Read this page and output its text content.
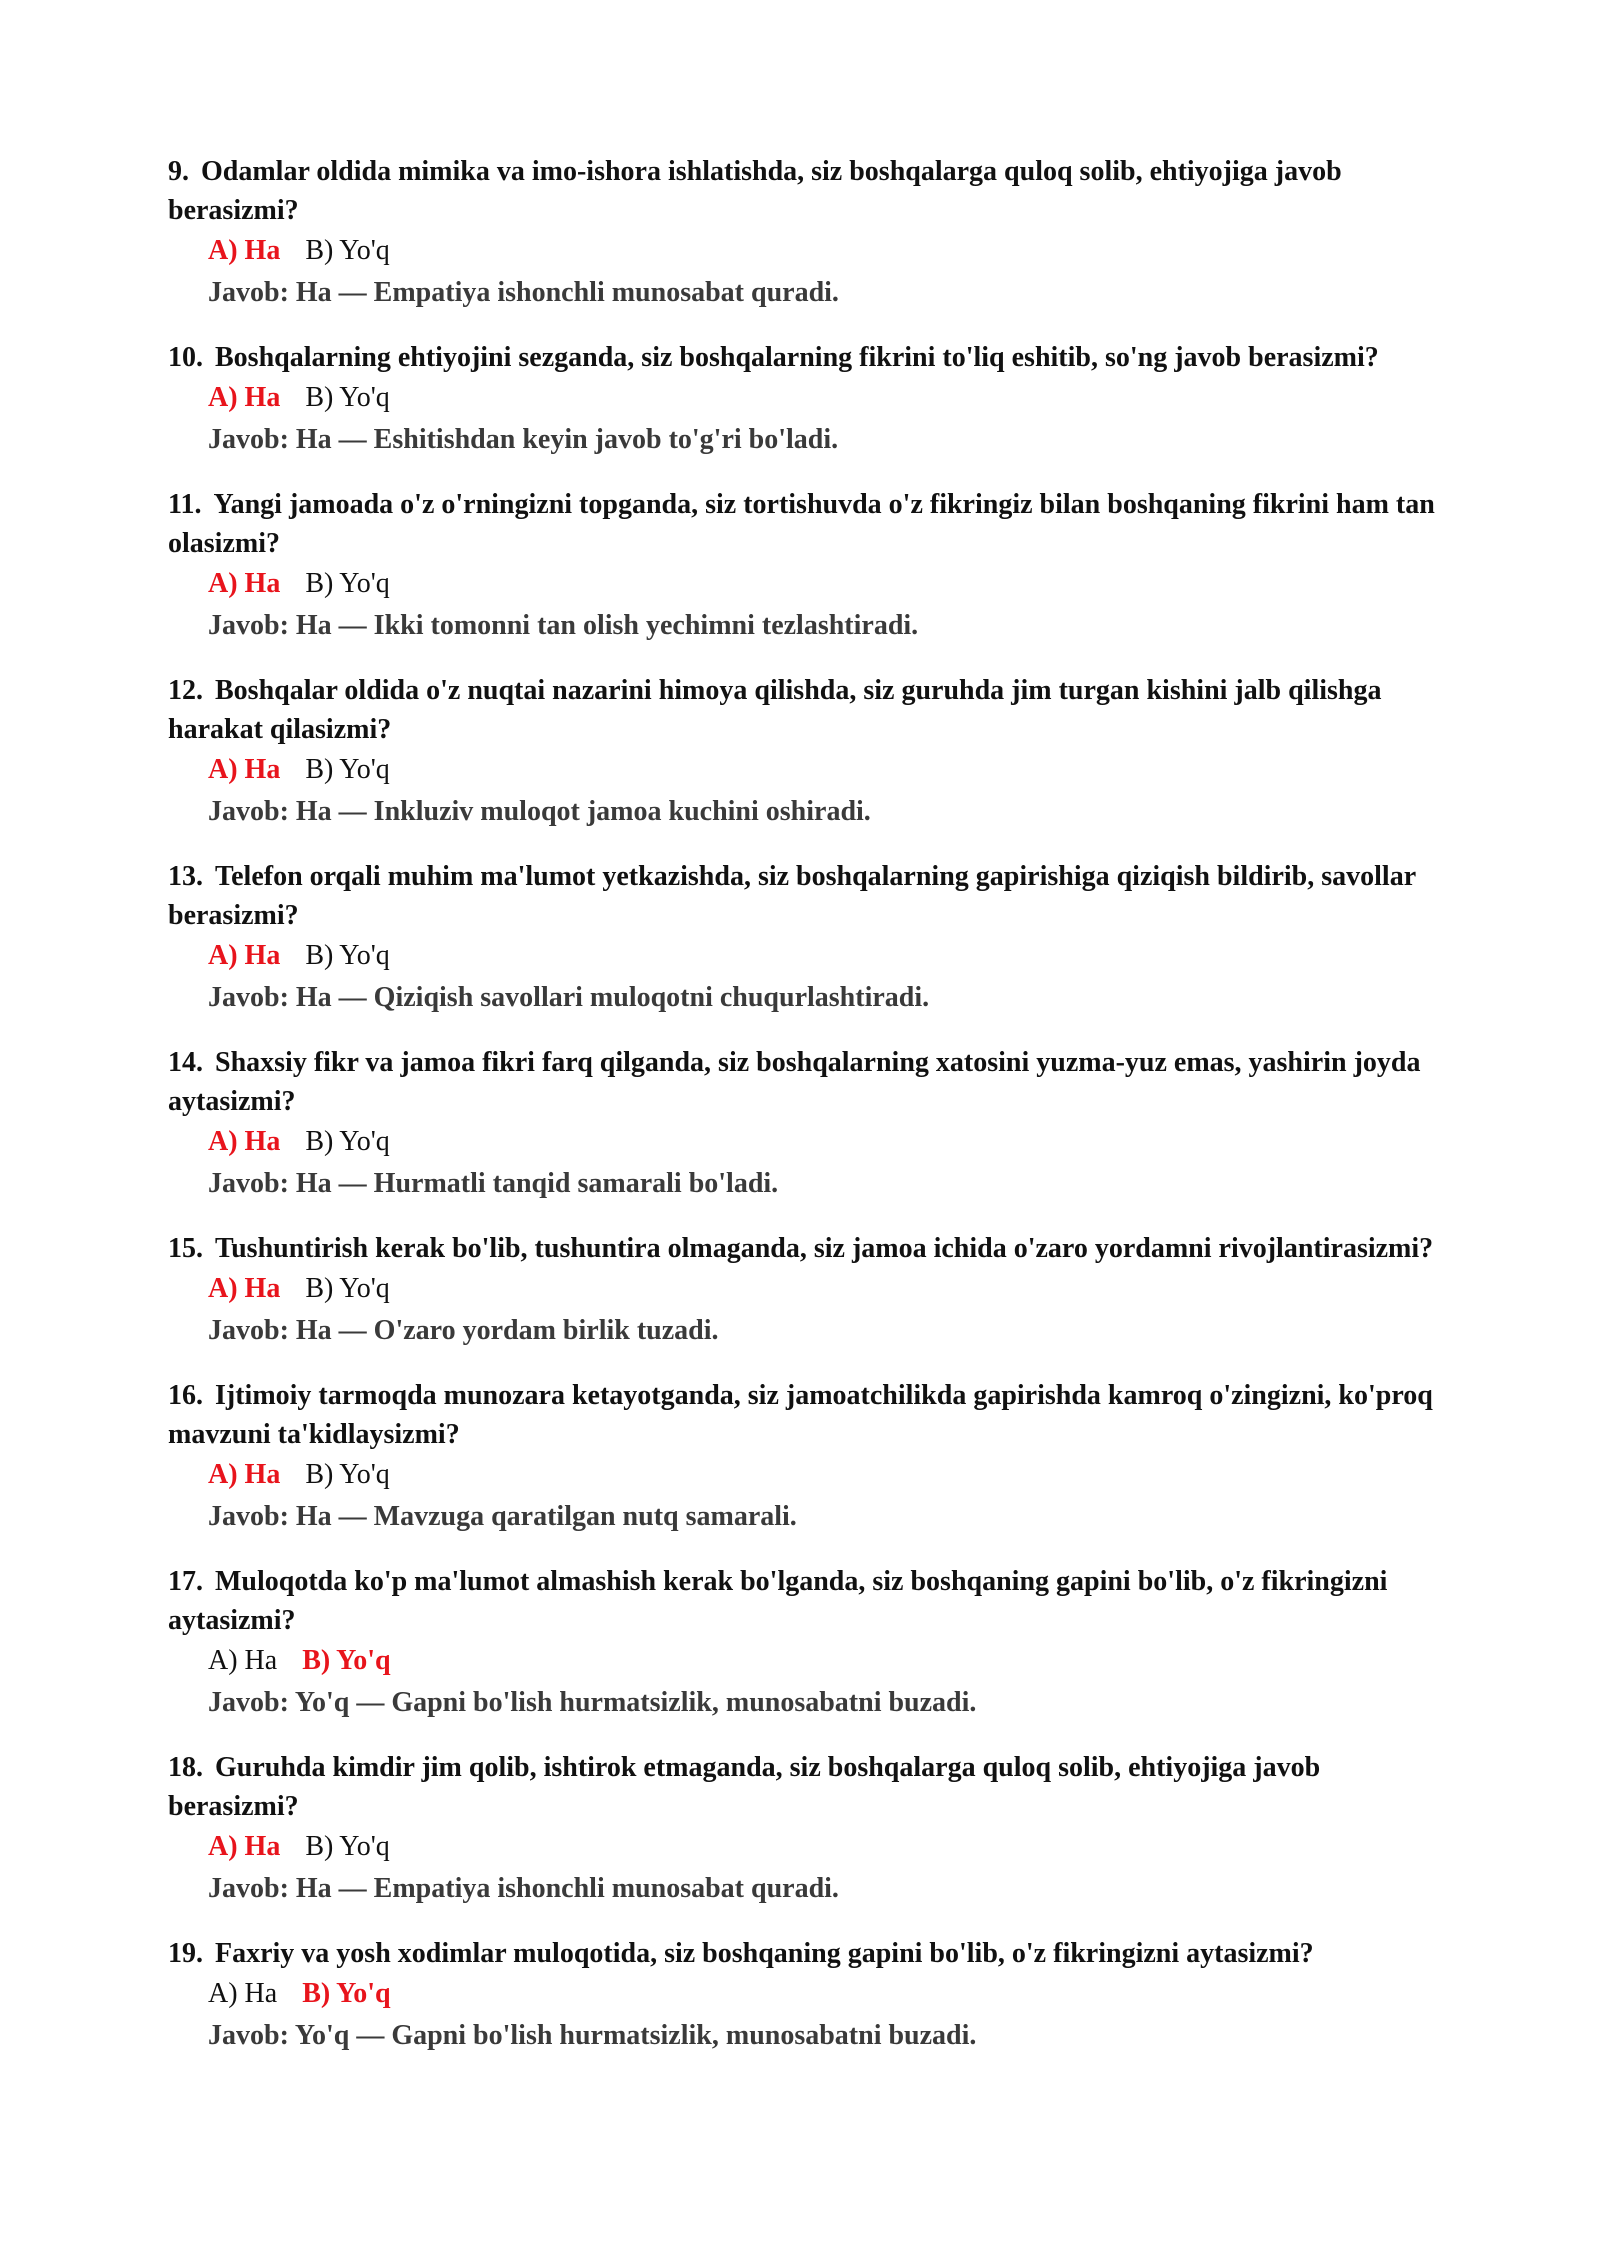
9. Odamlar oldida mimika va imo-ishora ishlatishda, siz boshqalarga quloq solib, ehtiyojiga javob berasizmi?

A) Ha B) Yo'q

Javob: Ha — Empatiya ishonchli munosabat quradi.

10. Boshqalarning ehtiyojini sezganda, siz boshqalarning fikrini to'liq eshitib, so'ng javob berasizmi?

A) Ha B) Yo'q

Javob: Ha — Eshitishdan keyin javob to'g'ri bo'ladi.

11. Yangi jamoada o'z o'rningizni topganda, siz tortishuvda o'z fikringiz bilan boshqaning fikrini ham tan olasizmi?

A) Ha B) Yo'q

Javob: Ha — Ikki tomonni tan olish yechimni tezlashtiradi.

12. Boshqalar oldida o'z nuqtai nazarini himoya qilishda, siz guruhda jim turgan kishini jalb qilishga harakat qilasizmi?

A) Ha B) Yo'q

Javob: Ha — Inkluziv muloqot jamoa kuchini oshiradi.

13. Telefon orqali muhim ma'lumot yetkazishda, siz boshqalarning gapirishiga qiziqish bildirib, savollar berasizmi?

A) Ha B) Yo'q

Javob: Ha — Qiziqish savollari muloqotni chuqurlashtiradi.

14. Shaxsiy fikr va jamoa fikri farq qilganda, siz boshqalarning xatosini yuzma-yuz emas, yashirin joyda aytasizmi?

A) Ha B) Yo'q

Javob: Ha — Hurmatli tanqid samarali bo'ladi.

15. Tushuntirish kerak bo'lib, tushuntira olmaganda, siz jamoa ichida o'zaro yordamni rivojlantirasizmi?

A) Ha B) Yo'q

Javob: Ha — O'zaro yordam birlik tuzadi.

16. Ijtimoiy tarmoqda munozara ketayotganda, siz jamoatchilikda gapirishda kamroq o'zingizni, ko'proq mavzuni ta'kidlaysizmi?

A) Ha B) Yo'q

Javob: Ha — Mavzuga qaratilgan nutq samarali.

17. Muloqotda ko'p ma'lumot almashish kerak bo'lganda, siz boshqaning gapini bo'lib, o'z fikringizni aytasizmi?

A) Ha B) Yo'q

Javob: Yo'q — Gapni bo'lish hurmatsizlik, munosabatni buzadi.

18. Guruhda kimdir jim qolib, ishtirok etmaganda, siz boshqalarga quloq solib, ehtiyojiga javob berasizmi?

A) Ha B) Yo'q

Javob: Ha — Empatiya ishonchli munosabat quradi.

19. Faxriy va yosh xodimlar muloqotida, siz boshqaning gapini bo'lib, o'z fikringizni aytasizmi?

A) Ha B) Yo'q

Javob: Yo'q — Gapni bo'lish hurmatsizlik, munosabatni buzadi.
